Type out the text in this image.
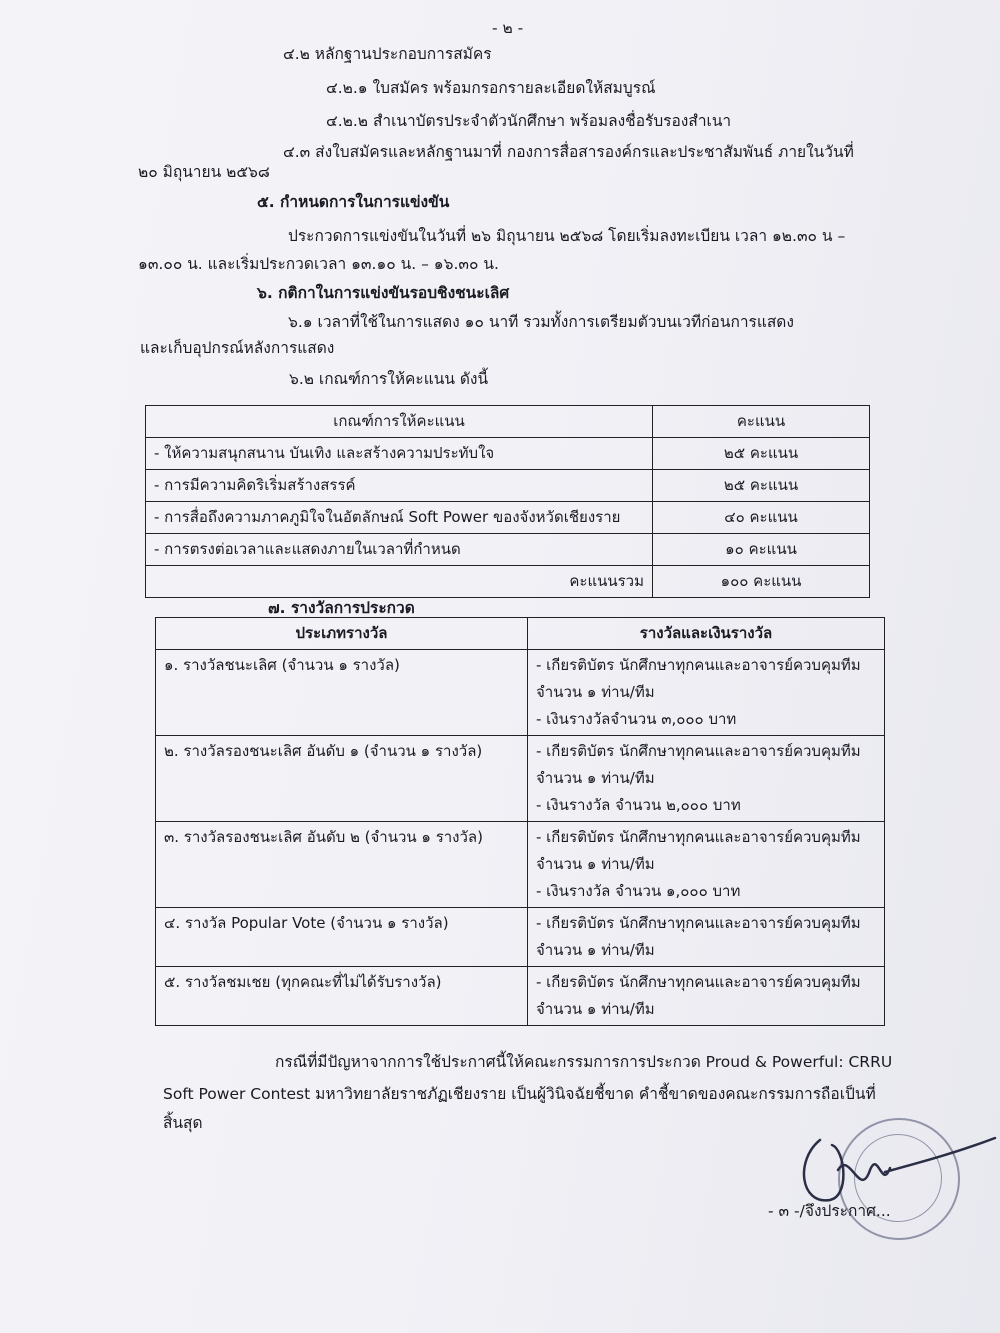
- ๒ -
๔.๒ หลักฐานประกอบการสมัคร
๔.๒.๑ ใบสมัคร พร้อมกรอกรายละเอียดให้สมบูรณ์
๔.๒.๒ สำเนาบัตรประจำตัวนักศึกษา พร้อมลงชื่อรับรองสำเนา
๔.๓ ส่งใบสมัครและหลักฐานมาที่ กองการสื่อสารองค์กรและประชาสัมพันธ์ ภายในวันที่
๒๐ มิถุนายน ๒๕๖๘
๕. กำหนดการในการแข่งขัน
ประกวดการแข่งขันในวันที่ ๒๖ มิถุนายน ๒๕๖๘ โดยเริ่มลงทะเบียน เวลา ๑๒.๓๐ น –
๑๓.๐๐ น. และเริ่มประกวดเวลา ๑๓.๑๐ น. – ๑๖.๓๐ น.
๖. กติกาในการแข่งขันรอบชิงชนะเลิศ
๖.๑ เวลาที่ใช้ในการแสดง ๑๐ นาที รวมทั้งการเตรียมตัวบนเวทีก่อนการแสดง
และเก็บอุปกรณ์หลังการแสดง
๖.๒ เกณฑ์การให้คะแนน ดังนี้
เกณฑ์การให้คะแนน	คะแนน
- ให้ความสนุกสนาน บันเทิง และสร้างความประทับใจ	๒๕ คะแนน
- การมีความคิดริเริ่มสร้างสรรค์	๒๕ คะแนน
- การสื่อถึงความภาคภูมิใจในอัตลักษณ์ Soft Power ของจังหวัดเชียงราย	๔๐ คะแนน
- การตรงต่อเวลาและแสดงภายในเวลาที่กำหนด	๑๐ คะแนน
คะแนนรวม	๑๐๐ คะแนน
๗. รางวัลการประกวด
ประเภทรางวัล	รางวัลและเงินรางวัล
๑. รางวัลชนะเลิศ (จำนวน ๑ รางวัล)	- เกียรติบัตร นักศึกษาทุกคนและอาจารย์ควบคุมทีม
จำนวน ๑ ท่าน/ทีม
- เงินรางวัลจำนวน ๓,๐๐๐ บาท

๒. รางวัลรองชนะเลิศ อันดับ ๑ (จำนวน ๑ รางวัล)	- เกียรติบัตร นักศึกษาทุกคนและอาจารย์ควบคุมทีม
จำนวน ๑ ท่าน/ทีม
- เงินรางวัล จำนวน ๒,๐๐๐ บาท

๓. รางวัลรองชนะเลิศ อันดับ ๒ (จำนวน ๑ รางวัล)	- เกียรติบัตร นักศึกษาทุกคนและอาจารย์ควบคุมทีม
จำนวน ๑ ท่าน/ทีม
- เงินรางวัล จำนวน ๑,๐๐๐ บาท

๔. รางวัล Popular Vote (จำนวน ๑ รางวัล)	- เกียรติบัตร นักศึกษาทุกคนและอาจารย์ควบคุมทีม
จำนวน ๑ ท่าน/ทีม

๕. รางวัลชมเชย (ทุกคณะที่ไม่ได้รับรางวัล)	- เกียรติบัตร นักศึกษาทุกคนและอาจารย์ควบคุมทีม
จำนวน ๑ ท่าน/ทีม
กรณีที่มีปัญหาจากการใช้ประกาศนี้ให้คณะกรรมการการประกวด Proud & Powerful: CRRU
Soft Power Contest มหาวิทยาลัยราชภัฏเชียงราย เป็นผู้วินิจฉัยชี้ขาด คำชี้ขาดของคณะกรรมการถือเป็นที่
สิ้นสุด
- ๓ -/จึงประกาศ...
